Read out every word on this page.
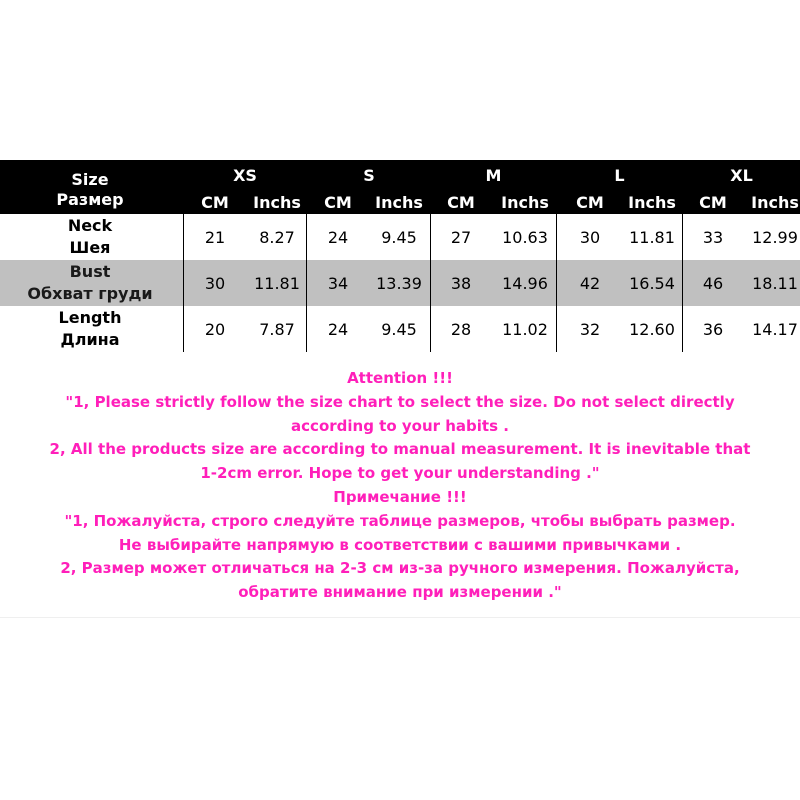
Size	XS	S	M	L	XL
Размер	CM	Inchs	CM	Inchs	CM	Inchs	CM	Inchs	CM	Inchs
Neck
Шея
21	8.27	24	9.45	27	10.63	30	11.81	33	12.99
Bust
Обхват груди
30	11.81	34	13.39	38	14.96	42	16.54	46	18.11
Length
Длина
20	7.87	24	9.45	28	11.02	32	12.60	36	14.17
Attention !!!
"1, Please strictly follow the size chart to select the size. Do not select directly
according to your habits .
2, All the products size are according to manual measurement. It is inevitable that
1-2cm error. Hope to get your understanding ."
Примечание !!!
"1, Пожалуйста, строго следуйте таблице размеров, чтобы выбрать размер.
Не выбирайте напрямую в соответствии с вашими привычками .
2, Размер может отличаться на 2-3 см из-за ручного измерения. Пожалуйста,
обратите внимание при измерении ."
